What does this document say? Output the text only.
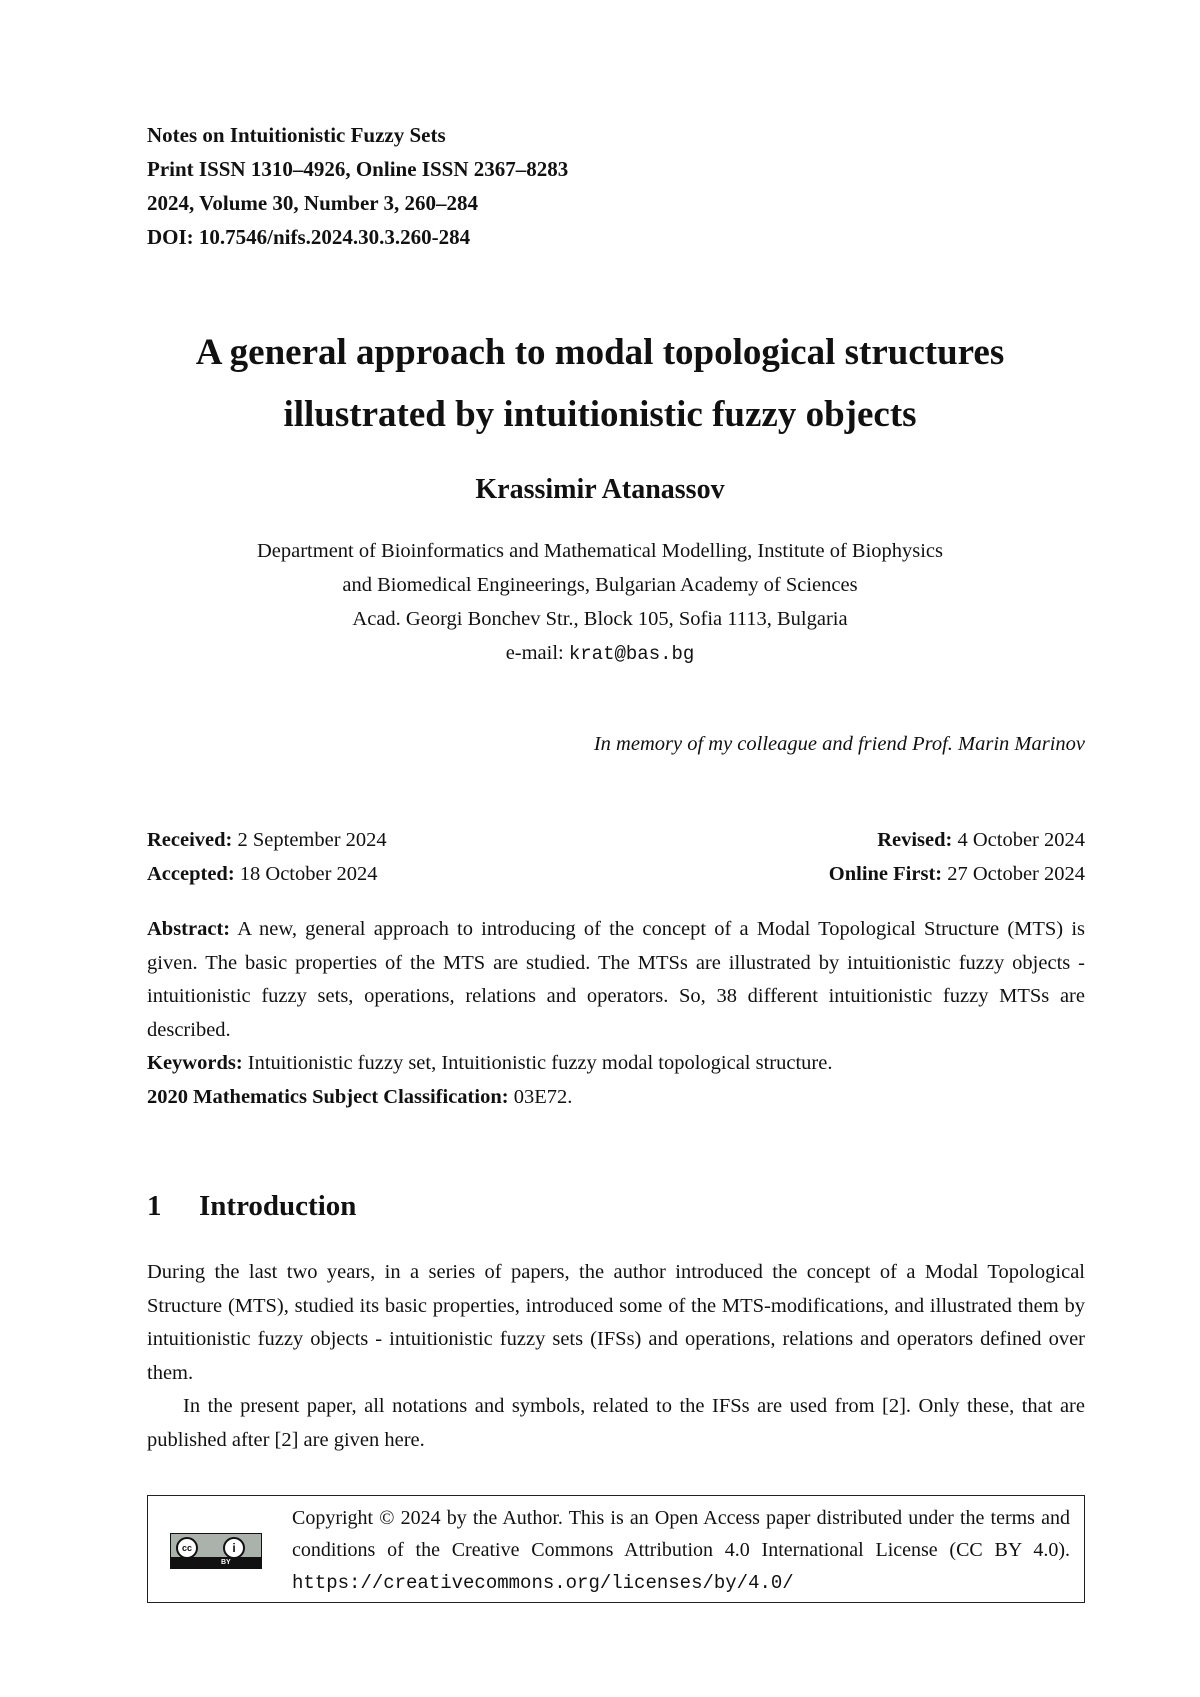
Notes on Intuitionistic Fuzzy Sets
Print ISSN 1310–4926, Online ISSN 2367–8283
2024, Volume 30, Number 3, 260–284
DOI: 10.7546/nifs.2024.30.3.260-284
A general approach to modal topological structures
illustrated by intuitionistic fuzzy objects
Krassimir Atanassov
Department of Bioinformatics and Mathematical Modelling, Institute of Biophysics
and Biomedical Engineerings, Bulgarian Academy of Sciences
Acad. Georgi Bonchev Str., Block 105, Sofia 1113, Bulgaria
e-mail: krat@bas.bg
In memory of my colleague and friend Prof. Marin Marinov
Received: 2 September 2024	Revised: 4 October 2024
Accepted: 18 October 2024	Online First: 27 October 2024

Abstract: A new, general approach to introducing of the concept of a Modal Topological Structure (MTS) is given. The basic properties of the MTS are studied. The MTSs are illustrated by intuitionistic fuzzy objects - intuitionistic fuzzy sets, operations, relations and operators. So, 38 different intuitionistic fuzzy MTSs are described.

Keywords: Intuitionistic fuzzy set, Intuitionistic fuzzy modal topological structure.

2020 Mathematics Subject Classification: 03E72.

1 Introduction

During the last two years, in a series of papers, the author introduced the concept of a Modal Topological Structure (MTS), studied its basic properties, introduced some of the MTS-modifications, and illustrated them by intuitionistic fuzzy objects - intuitionistic fuzzy sets (IFSs) and operations, relations and operators defined over them.

In the present paper, all notations and symbols, related to the IFSs are used from [2]. Only these, that are published after [2] are given here.

cc	i
BY
Copyright © 2024 by the Author. This is an Open Access paper distributed under the terms and conditions of the Creative Commons Attribution 4.0 International License (CC BY 4.0). https://creativecommons.org/licenses/by/4.0/
